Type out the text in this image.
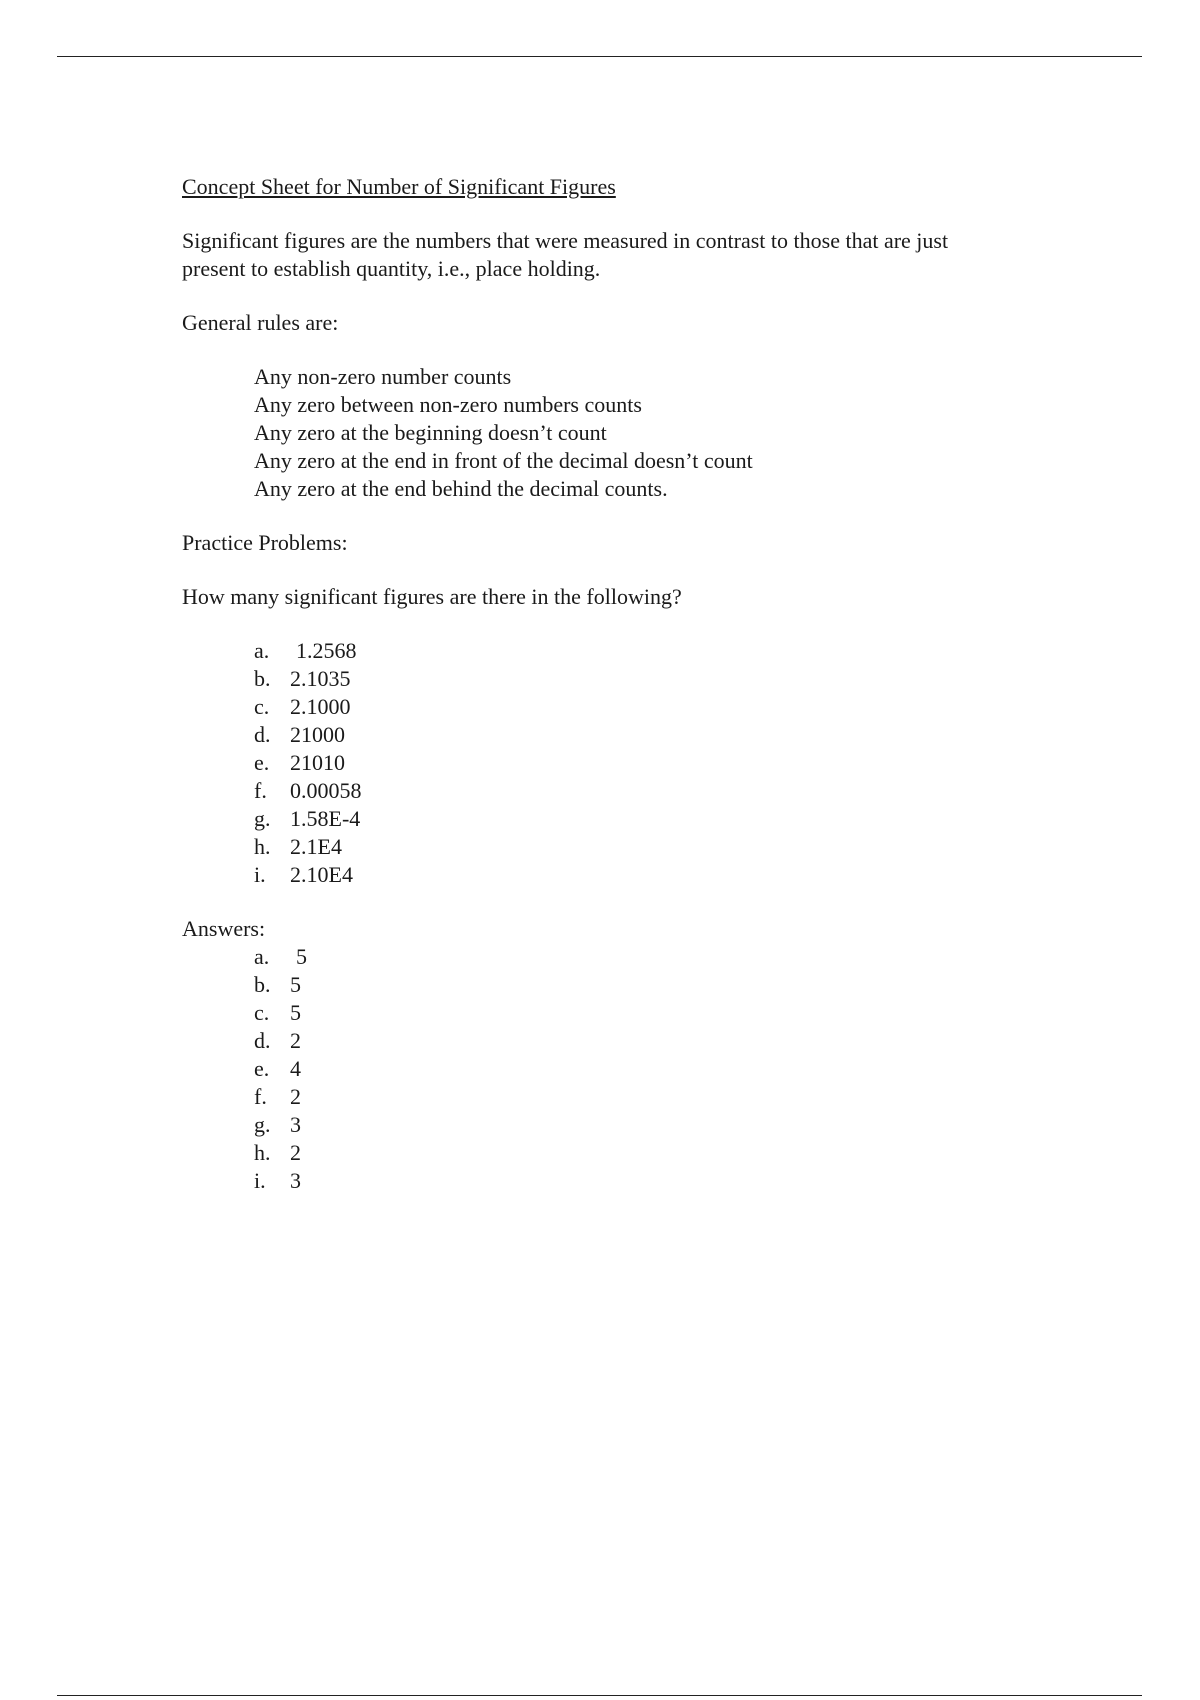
Concept Sheet for Number of Significant Figures

Significant figures are the numbers that were measured in contrast to those that are just
present to establish quantity, i.e., place holding.

General rules are:

Any non-zero number counts
Any zero between non-zero numbers counts
Any zero at the beginning doesn’t count
Any zero at the end in front of the decimal doesn’t count
Any zero at the end behind the decimal counts.

Practice Problems:

How many significant figures are there in the following?

a.	1.2568
b. 2.1035
c. 2.1000
d. 21000
e. 21010
f.	0.00058
g. 1.58E-4
h. 2.1E4
i.	2.10E4

Answers:

a.	5
b. 5
c. 5
d. 2
e. 4
f.	2
g. 3
h. 2
i.	3
